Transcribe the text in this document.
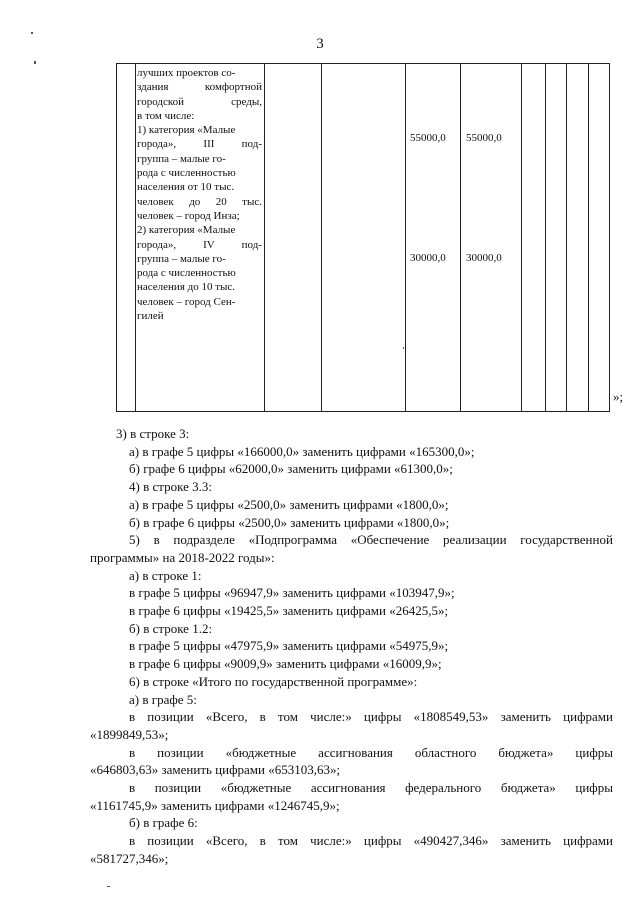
3
лучших проектов со-
здания	комфортной
городской	среды,
в том числе:
1) категория «Малые
города», III под-
группа – малые го-
рода с численностью
населения от 10 тыс.
человек до 20 тыс.
человек – город Инза;
2) категория «Малые
города», IV под-
группа – малые го-
рода с численностью
населения до 10 тыс.
человек – город Сен-
гилей
55000,0 55000,0
30000,0 30000,0
»;
3) в строке 3:
а) в графе 5 цифры «166000,0» заменить цифрами «165300,0»;
б) графе 6 цифры «62000,0» заменить цифрами «61300,0»;
4) в строке 3.3:
а) в графе 5 цифры «2500,0» заменить цифрами «1800,0»;
б) в графе 6 цифры «2500,0» заменить цифрами «1800,0»;
5) в подразделе «Подпрограмма «Обеспечение реализации государственной
программы» на 2018-2022 годы»:
а) в строке 1:
в графе 5 цифры «96947,9» заменить цифрами «103947,9»;
в графе 6 цифры «19425,5» заменить цифрами «26425,5»;
б) в строке 1.2:
в графе 5 цифры «47975,9» заменить цифрами «54975,9»;
в графе 6 цифры «9009,9» заменить цифрами «16009,9»;
6) в строке «Итого по государственной программе»:
а) в графе 5:
в позиции «Всего, в том числе:» цифры «1808549,53» заменить цифрами
«1899849,53»;
в позиции «бюджетные ассигнования областного бюджета» цифры
«646803,63» заменить цифрами «653103,63»;
в позиции «бюджетные ассигнования федерального бюджета» цифры
«1161745,9» заменить цифрами «1246745,9»;
б) в графе 6:
в позиции «Всего, в том числе:» цифры «490427,346» заменить цифрами
«581727,346»;
